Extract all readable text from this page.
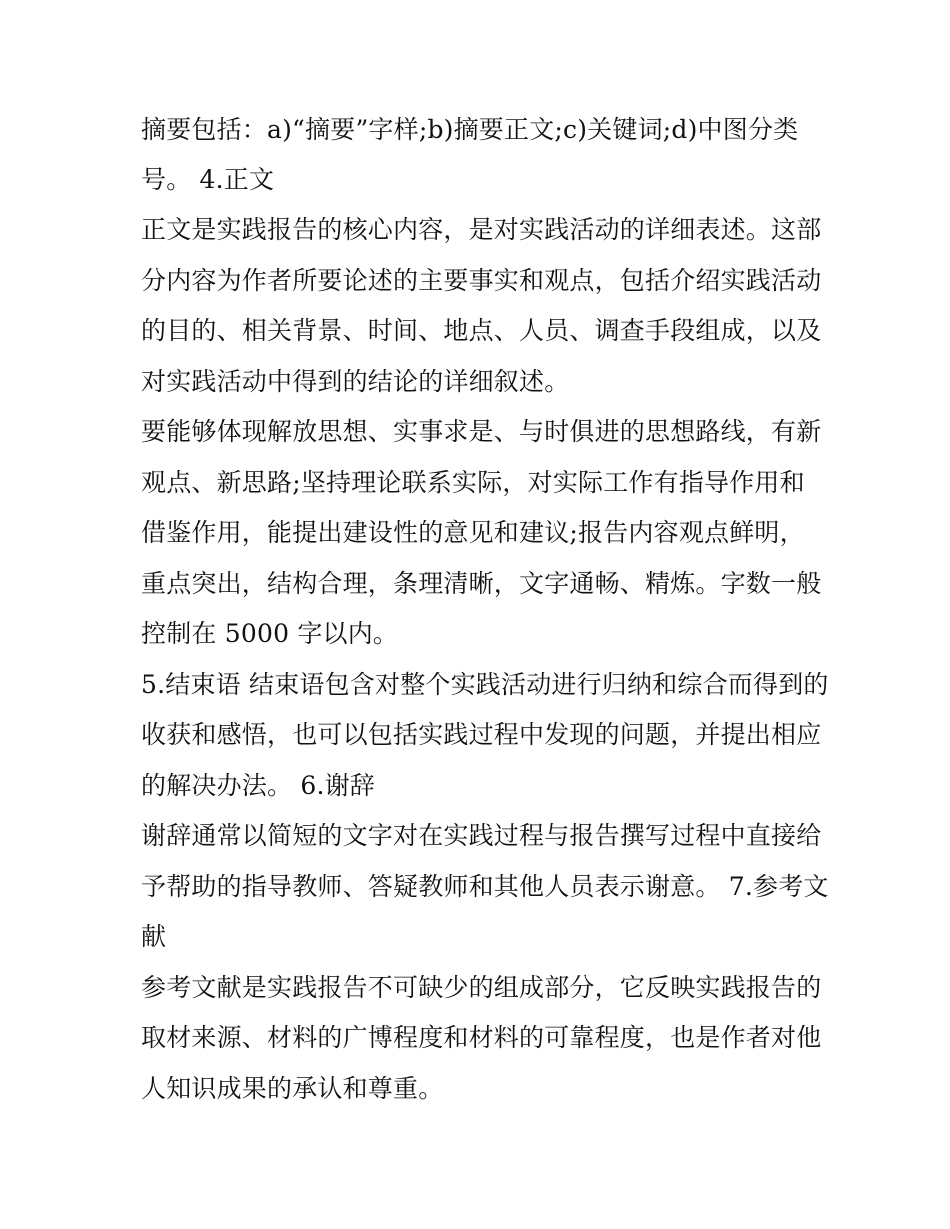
摘要包括：a)“摘要”字样;b)摘要正文;c)关键词;d)中图分类
号。 4.正文
正文是实践报告的核心内容，是对实践活动的详细表述。这部
分内容为作者所要论述的主要事实和观点，包括介绍实践活动
的目的、相关背景、时间、地点、人员、调查手段组成，以及
对实践活动中得到的结论的详细叙述。
要能够体现解放思想、实事求是、与时俱进的思想路线，有新
观点、新思路;坚持理论联系实际，对实际工作有指导作用和
借鉴作用，能提出建设性的意见和建议;报告内容观点鲜明，
重点突出，结构合理，条理清晰，文字通畅、精炼。字数一般
控制在 5000 字以内。
5.结束语 结束语包含对整个实践活动进行归纳和综合而得到的
收获和感悟，也可以包括实践过程中发现的问题，并提出相应
的解决办法。 6.谢辞
谢辞通常以简短的文字对在实践过程与报告撰写过程中直接给
予帮助的指导教师、答疑教师和其他人员表示谢意。 7.参考文
献
参考文献是实践报告不可缺少的组成部分，它反映实践报告的
取材来源、材料的广博程度和材料的可靠程度，也是作者对他
人知识成果的承认和尊重。
